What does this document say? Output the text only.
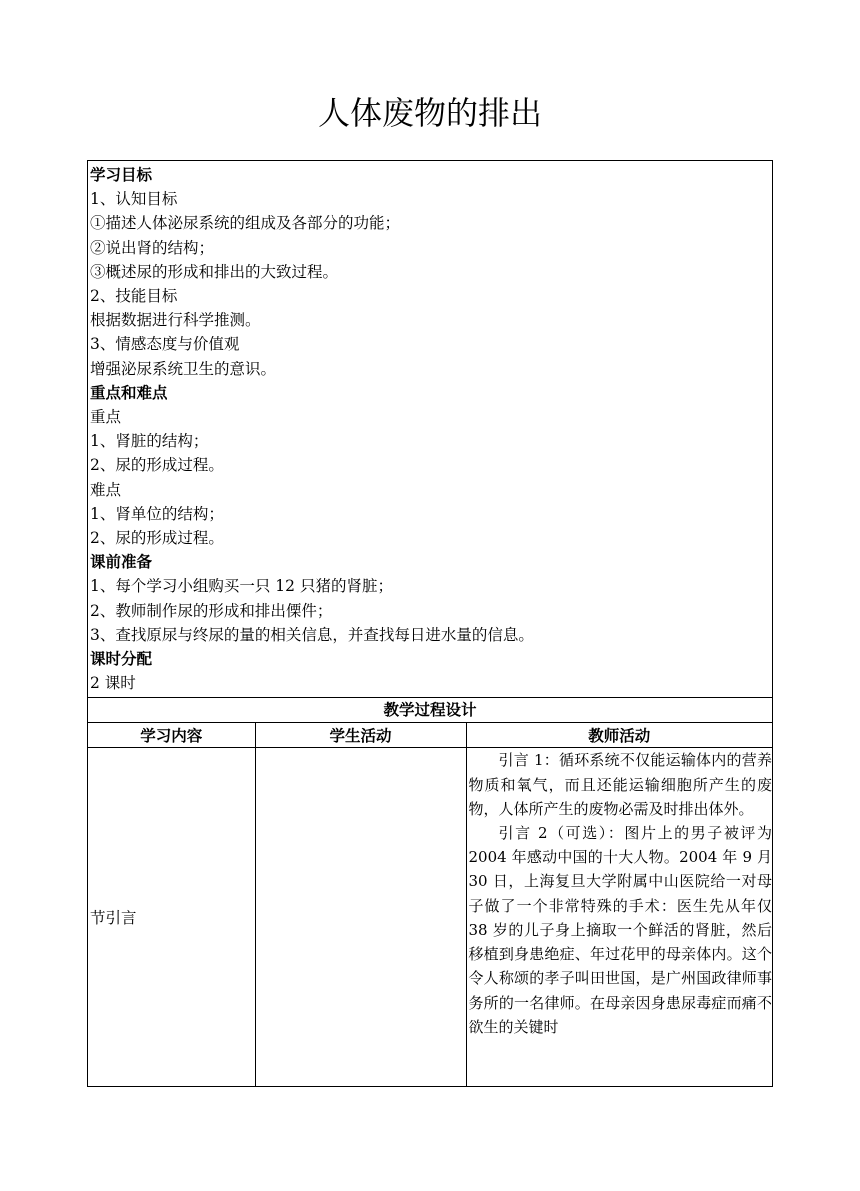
人体废物的排出
学习目标
1、认知目标
①描述人体泌尿系统的组成及各部分的功能；
②说出肾的结构；
③概述尿的形成和排出的大致过程。
2、技能目标
根据数据进行科学推测。
3、情感态度与价值观
增强泌尿系统卫生的意识。
重点和难点
重点
1、肾脏的结构；
2、尿的形成过程。
难点
1、肾单位的结构；
2、尿的形成过程。
课前准备
1、每个学习小组购买一只 12 只猪的肾脏；
2、教师制作尿的形成和排出傈件；
3、查找原尿与终尿的量的相关信息，并查找每日进水量的信息。
课时分配
2 课时
教学过程设计
学习内容	学生活动	教师活动
节引言		引言 1：循环系统不仅能运输体内的营养物质和氧气，而且还能运输细胞所产生的废物，人体所产生的废物必需及时排出体外。

引言 2（可选）：图片上的男子被评为 2004 年感动中国的十大人物。2004 年 9 月 30 日，上海复旦大学附属中山医院给一对母子做了一个非常特殊的手术：医生先从年仅 38 岁的儿子身上摘取一个鲜活的肾脏，然后移植到身患绝症、年过花甲的母亲体内。这个令人称颂的孝子叫田世国，是广州国政律师事务所的一名律师。在母亲因身患尿毒症而痛不欲生的关键时
